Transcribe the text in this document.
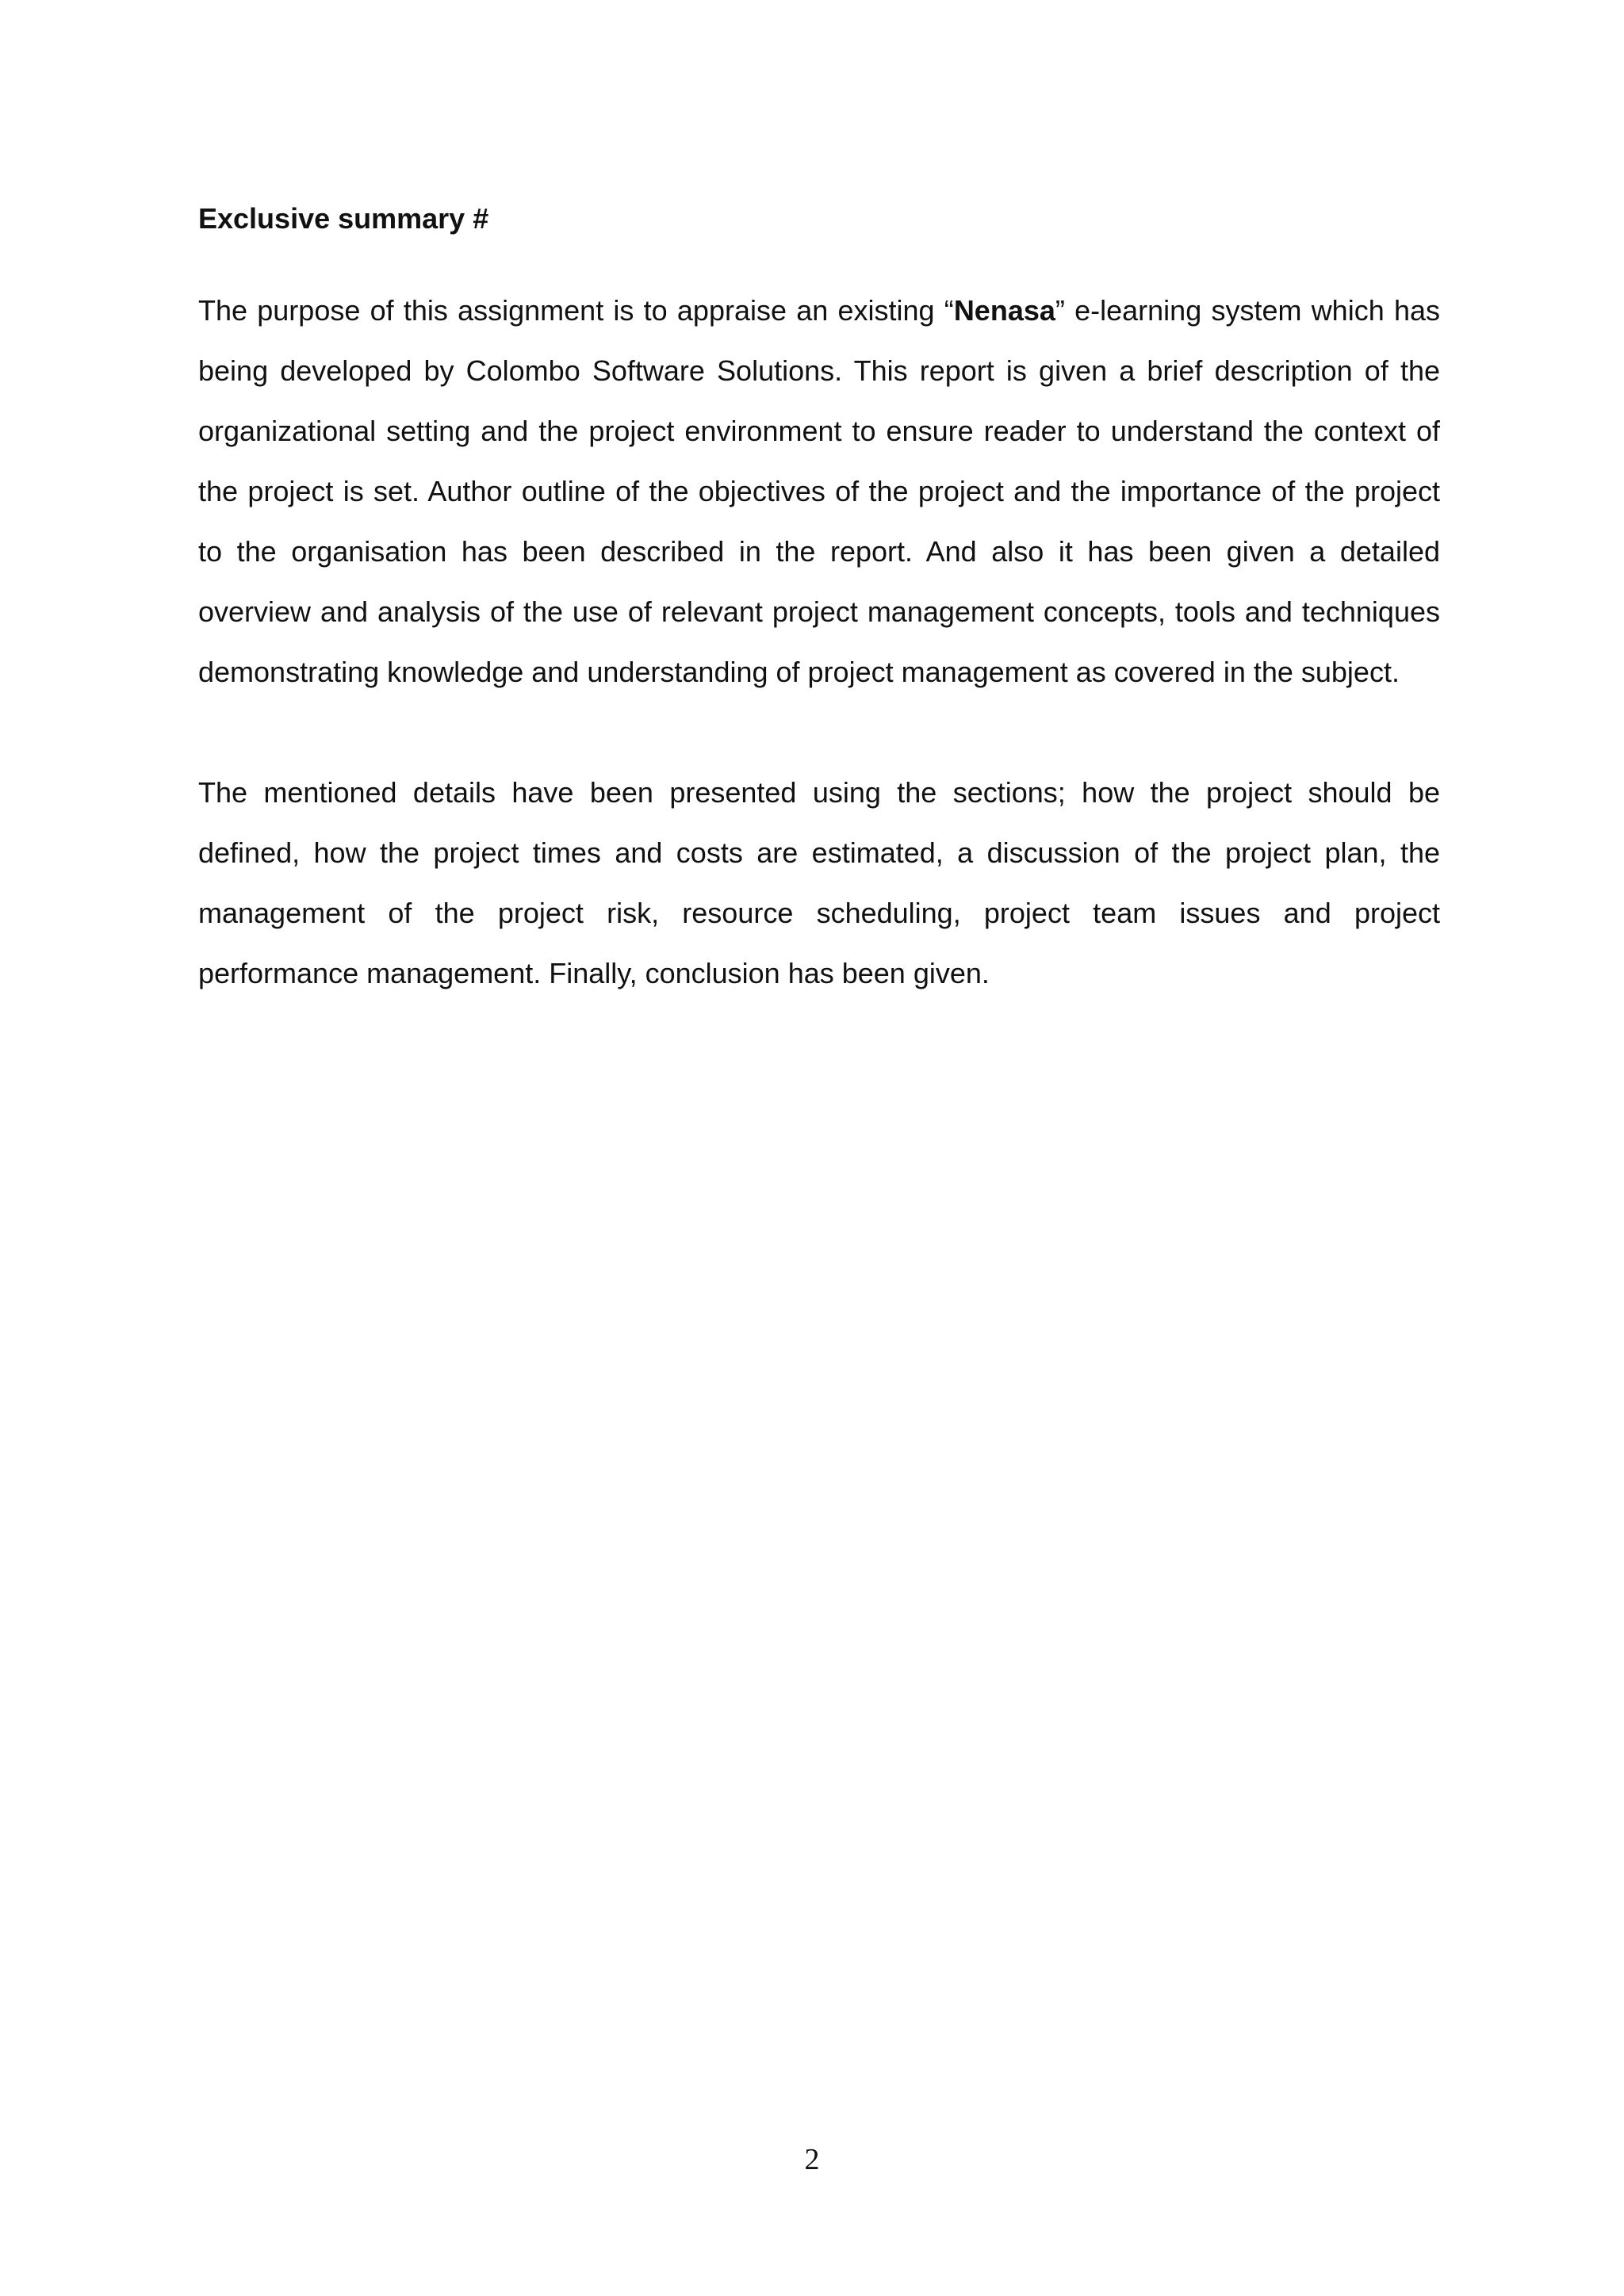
Exclusive summary #

The purpose of this assignment is to appraise an existing “Nenasa” e-learning system which has being developed by Colombo Software Solutions. This report is given a brief description of the organizational setting and the project environment to ensure reader to understand the context of the project is set. Author outline of the objectives of the project and the importance of the project to the organisation has been described in the report. And also it has been given a detailed overview and analysis of the use of relevant project management concepts, tools and techniques demonstrating knowledge and understanding of project management as covered in the subject.

The mentioned details have been presented using the sections; how the project should be defined, how the project times and costs are estimated, a discussion of the project plan, the management of the project risk, resource scheduling, project team issues and project performance management. Finally, conclusion has been given.

2
